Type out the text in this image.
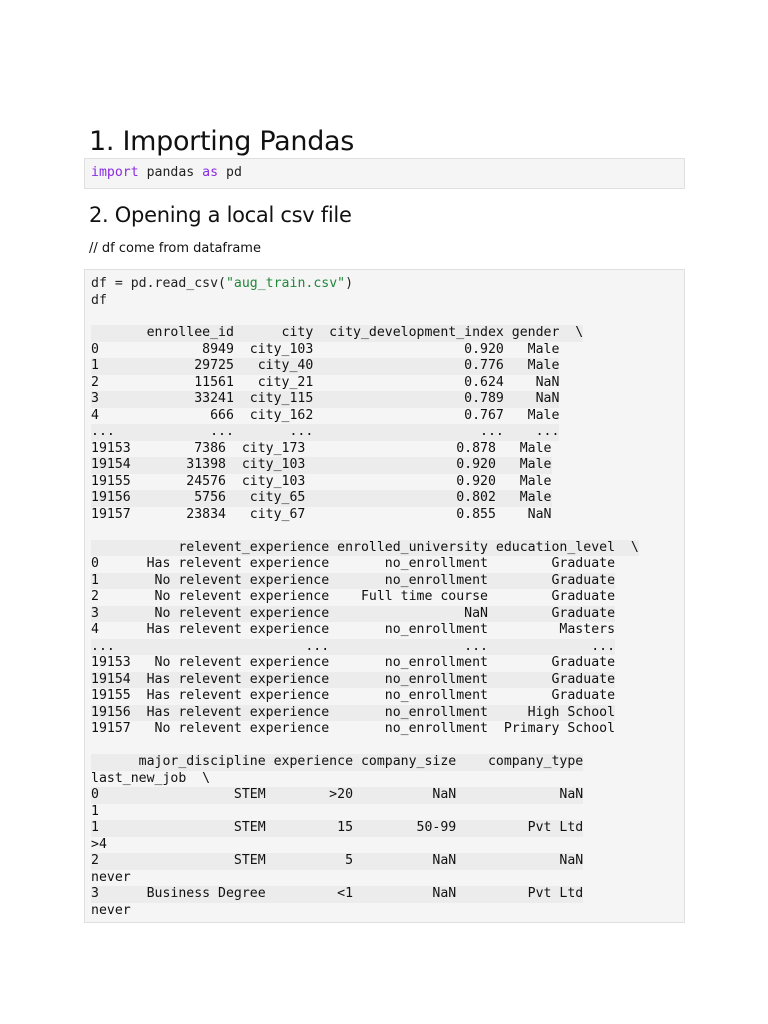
1. Importing Pandas
import pandas as pd
2. Opening a local csv file
// df come from dataframe
df = pd.read_csv("aug_train.csv")
df
enrollee_id      city  city_development_index gender  \
0             8949  city_103                   0.920   Male
1            29725   city_40                   0.776   Male
2            11561   city_21                   0.624    NaN
3            33241  city_115                   0.789    NaN
4              666  city_162                   0.767   Male
...            ...       ...                     ...    ...
19153        7386  city_173                   0.878   Male
19154       31398  city_103                   0.920   Male
19155       24576  city_103                   0.920   Male
19156        5756   city_65                   0.802   Male
19157       23834   city_67                   0.855    NaN
relevent_experience enrolled_university education_level  \
0      Has relevent experience       no_enrollment        Graduate
1       No relevent experience       no_enrollment        Graduate
2       No relevent experience    Full time course        Graduate
3       No relevent experience                 NaN        Graduate
4      Has relevent experience       no_enrollment         Masters
...                        ...                 ...             ...
19153   No relevent experience       no_enrollment        Graduate
19154  Has relevent experience       no_enrollment        Graduate
19155  Has relevent experience       no_enrollment        Graduate
19156  Has relevent experience       no_enrollment     High School
19157   No relevent experience       no_enrollment  Primary School
major_discipline experience company_size    company_type
last_new_job  \
0                 STEM        >20          NaN             NaN
1
1                 STEM         15        50-99         Pvt Ltd
>4
2                 STEM          5          NaN             NaN
never
3      Business Degree         <1          NaN         Pvt Ltd
never
